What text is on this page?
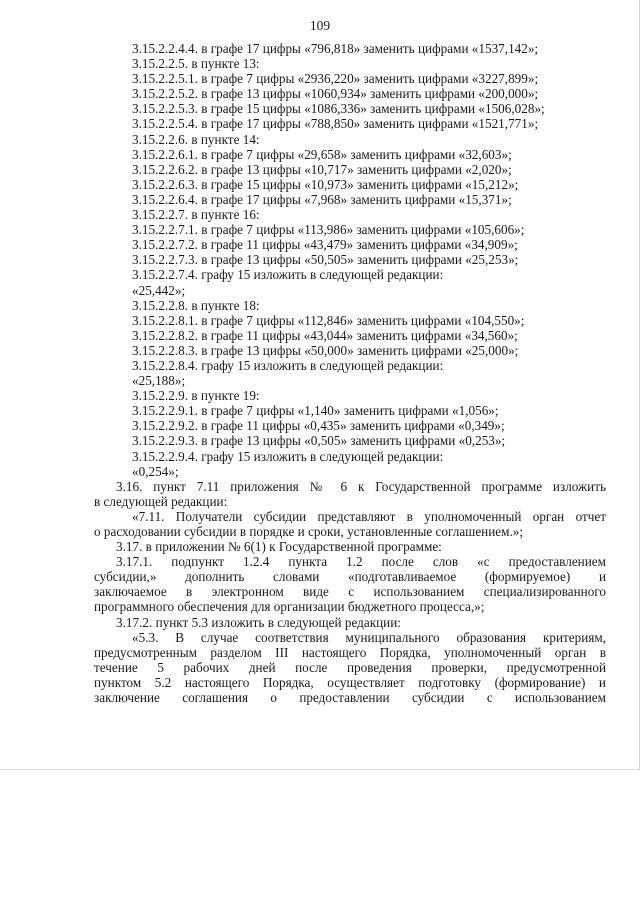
109
3.15.2.2.4.4. в графе 17 цифры «796,818» заменить цифрами «1537,142»;
3.15.2.2.5. в пункте 13:
3.15.2.2.5.1. в графе 7 цифры «2936,220» заменить цифрами «3227,899»;
3.15.2.2.5.2. в графе 13 цифры «1060,934» заменить цифрами «200,000»;
3.15.2.2.5.3. в графе 15 цифры «1086,336» заменить цифрами «1506,028»;
3.15.2.2.5.4. в графе 17 цифры «788,850» заменить цифрами «1521,771»;
3.15.2.2.6. в пункте 14:
3.15.2.2.6.1. в графе 7 цифры «29,658» заменить цифрами «32,603»;
3.15.2.2.6.2. в графе 13 цифры «10,717» заменить цифрами «2,020»;
3.15.2.2.6.3. в графе 15 цифры «10,973» заменить цифрами «15,212»;
3.15.2.2.6.4. в графе 17 цифры «7,968» заменить цифрами «15,371»;
3.15.2.2.7. в пункте 16:
3.15.2.2.7.1. в графе 7 цифры «113,986» заменить цифрами «105,606»;
3.15.2.2.7.2. в графе 11 цифры «43,479» заменить цифрами «34,909»;
3.15.2.2.7.3. в графе 13 цифры «50,505» заменить цифрами «25,253»;
3.15.2.2.7.4. графу 15 изложить в следующей редакции:
«25,442»;
3.15.2.2.8. в пункте 18:
3.15.2.2.8.1. в графе 7 цифры «112,846» заменить цифрами «104,550»;
3.15.2.2.8.2. в графе 11 цифры «43,044» заменить цифрами «34,560»;
3.15.2.2.8.3. в графе 13 цифры «50,000» заменить цифрами «25,000»;
3.15.2.2.8.4. графу 15 изложить в следующей редакции:
«25,188»;
3.15.2.2.9. в пункте 19:
3.15.2.2.9.1. в графе 7 цифры «1,140» заменить цифрами «1,056»;
3.15.2.2.9.2. в графе 11 цифры «0,435» заменить цифрами «0,349»;
3.15.2.2.9.3. в графе 13 цифры «0,505» заменить цифрами «0,253»;
3.15.2.2.9.4. графу 15 изложить в следующей редакции:
«0,254»;
3.16. пункт 7.11 приложения № 6 к Государственной программе изложить
в следующей редакции:
«7.11. Получатели субсидии представляют в уполномоченный орган отчет
о расходовании субсидии в порядке и сроки, установленные соглашением.»;
3.17. в приложении № 6(1) к Государственной программе:
3.17.1. подпункт 1.2.4 пункта 1.2 после слов «с предоставлением
субсидии,» дополнить словами «подготавливаемое (формируемое) и
заключаемое в электронном виде с использованием специализированного
программного обеспечения для организации бюджетного процесса,»;
3.17.2. пункт 5.3 изложить в следующей редакции:
«5.3. В случае соответствия муниципального образования критериям,
предусмотренным разделом III настоящего Порядка, уполномоченный орган в
течение 5 рабочих дней после проведения проверки, предусмотренной
пунктом 5.2 настоящего Порядка, осуществляет подготовку (формирование) и
заключение соглашения о предоставлении субсидии с использованием
